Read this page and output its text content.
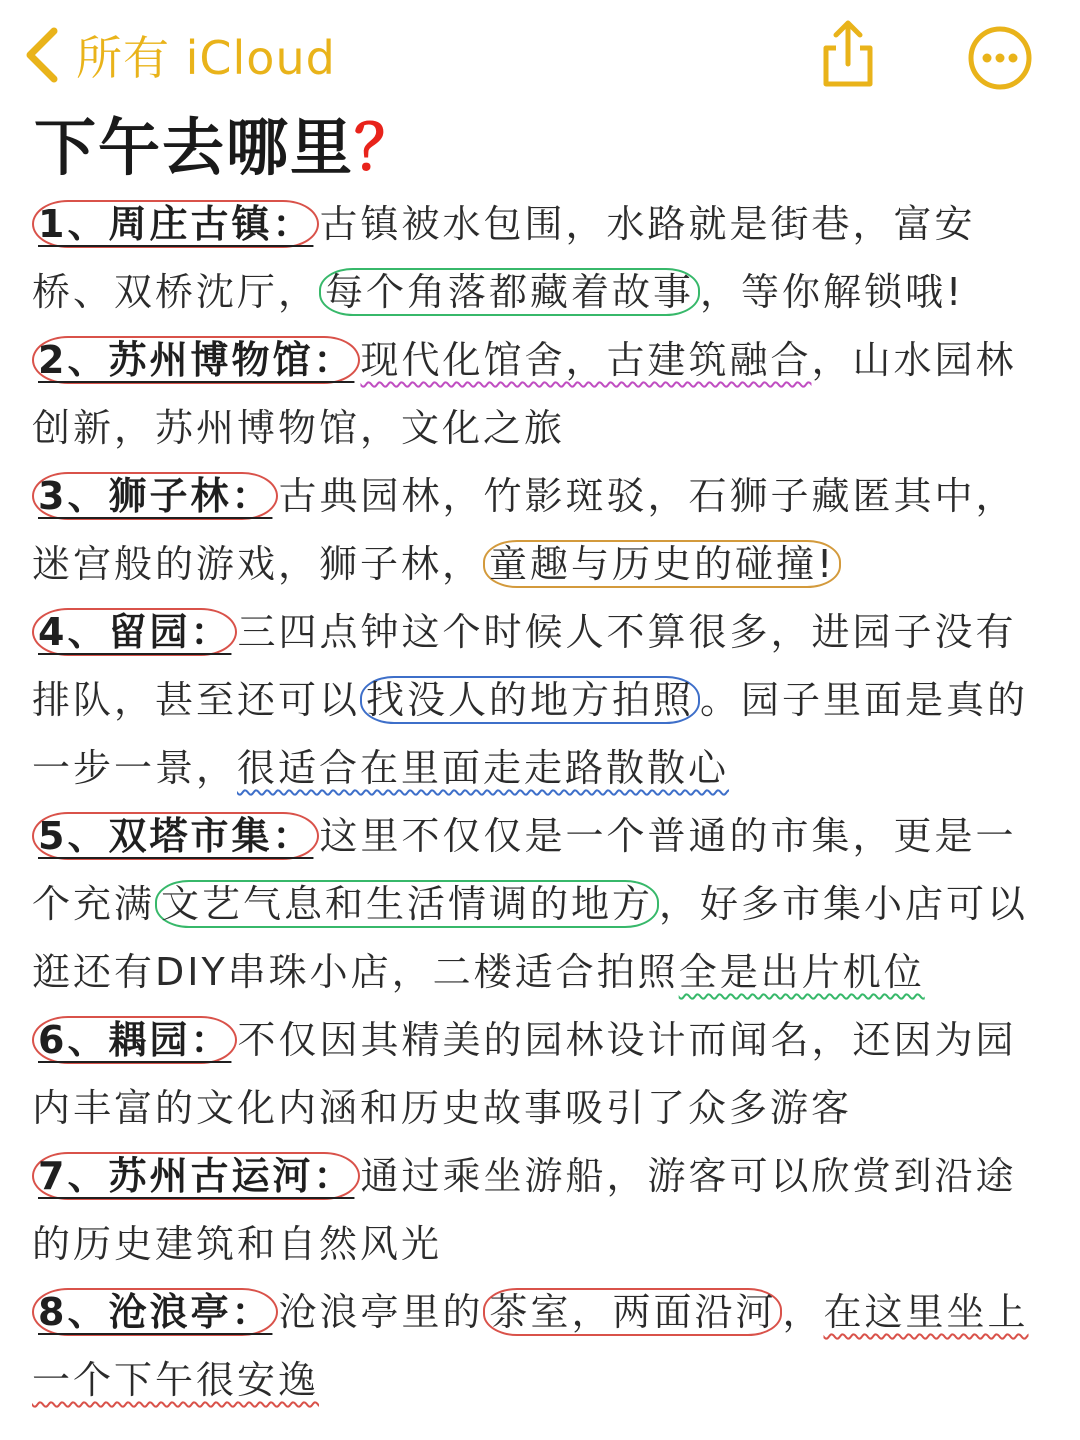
所有 iCloud
下午去哪里？

1、周庄古镇： 古镇被水包围，水路就是街巷，富安桥、双桥沈厅， 每个角落都藏着故事 ，等你解锁哦!

2、苏州博物馆： 现代化馆舍，古建筑融合，山水园林创新，苏州博物馆，文化之旅

3、狮子林： 古典园林，竹影斑驳，石狮子藏匿其中，迷宫般的游戏，狮子林， 童趣与历史的碰撞!

4、留园： 三四点钟这个时候人不算很多，进园子没有排队，甚至还可以 找没人的地方拍照 。园子里面是真的一步一景，很适合在里面走走路散散心

5、双塔市集： 这里不仅仅是一个普通的市集，更是一个充满 文艺气息和生活情调的地方 ，好多市集小店可以逛还有DIY串珠小店，二楼适合拍照全是出片机位

6、耦园： 不仅因其精美的园林设计而闻名，还因为园内丰富的文化内涵和历史故事吸引了众多游客

7、苏州古运河： 通过乘坐游船，游客可以欣赏到沿途的历史建筑和自然风光

8、沧浪亭： 沧浪亭里的 茶室，两面沿河 ，在这里坐上一个下午很安逸
